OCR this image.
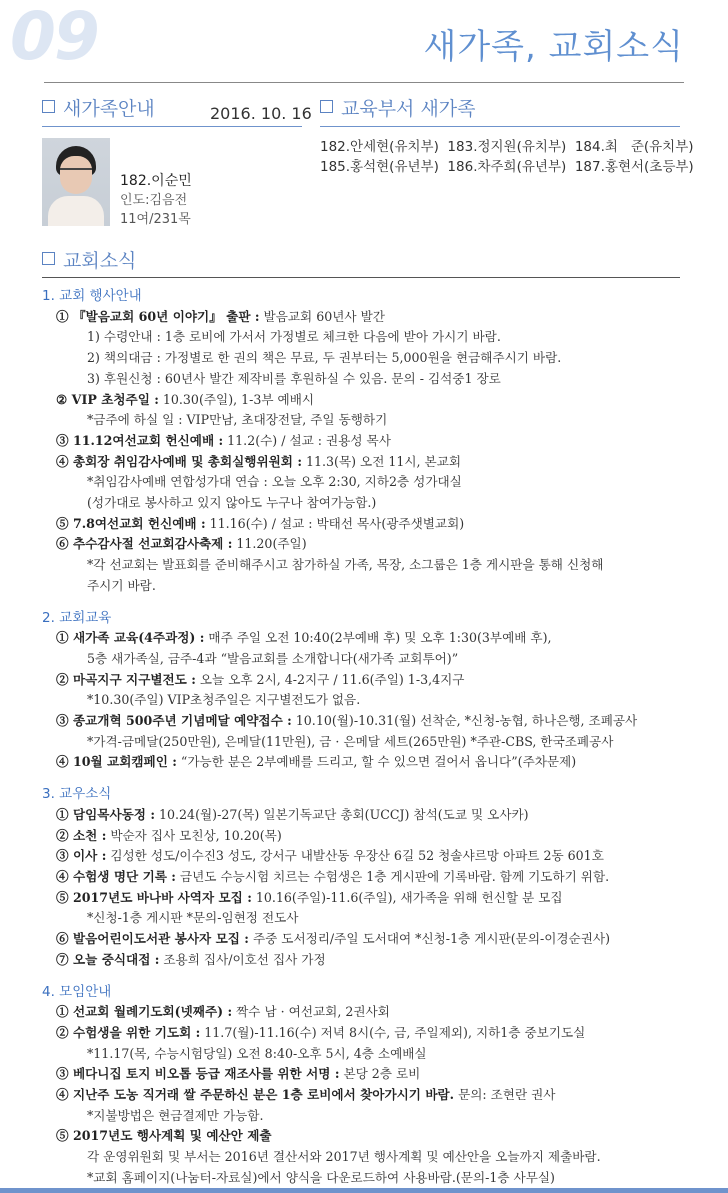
09	새가족, 교회소식
새가족안내	2016. 10. 16	교육부서 새가족
182.이순민
인도:김음전
11여/231목
182.안세현(유치부)  183.정지원(유치부)  184.최   준(유치부)
185.홍석현(유년부)  186.차주희(유년부)  187.홍현서(초등부)
교회소식
1. 교회 행사안내
① 『발음교회 60년 이야기』 출판 : 발음교회 60년사 발간
1) 수령안내 : 1층 로비에 가서서 가정별로 체크한 다음에 받아 가시기 바람.
2) 책의대금 : 가정별로 한 권의 책은 무료, 두 권부터는 5,000원을 현금해주시기 바람.
3) 후원신청 : 60년사 발간 제작비를 후원하실 수 있음. 문의 - 김석중1 장로
② VIP 초청주일 : 10.30(주일), 1-3부 예배시
*금주에 하실 일 : VIP만남, 초대장전달, 주일 동행하기
③ 11.12여선교회 헌신예배 : 11.2(수) / 설교 : 권용성 목사
④ 총회장 취임감사예배 및 총회실행위원회 : 11.3(목) 오전 11시, 본교회
*취임감사예배 연합성가대 연습 : 오늘 오후 2:30, 지하2층 성가대실
(성가대로 봉사하고 있지 않아도 누구나 참여가능함.)
⑤ 7.8여선교회 헌신예배 : 11.16(수) / 설교 : 박태선 목사(광주샛별교회)
⑥ 추수감사절 선교회감사축제 : 11.20(주일)
*각 선교회는 발표회를 준비해주시고 참가하실 가족, 목장, 소그룹은 1층 게시판을 통해 신청해
주시기 바람.
2. 교회교육
① 새가족 교육(4주과정) : 매주 주일 오전 10:40(2부예배 후) 및 오후 1:30(3부예배 후),
5층 새가족실, 금주-4과 “발음교회를 소개합니다(새가족 교회투어)”
② 마곡지구 지구별전도 : 오늘 오후 2시, 4-2지구 / 11.6(주일) 1-3,4지구
*10.30(주일) VIP초청주일은 지구별전도가 없음.
③ 종교개혁 500주년 기념메달 예약접수 : 10.10(월)-10.31(월) 선착순, *신청-농협, 하나은행, 조폐공사
*가격-금메달(250만원), 은메달(11만원), 금 · 은메달 세트(265만원) *주관-CBS, 한국조폐공사
④ 10월 교회캠페인 : “가능한 분은 2부예배를 드리고, 할 수 있으면 걸어서 옵니다”(주차문제)
3. 교우소식
① 담임목사동정 : 10.24(월)-27(목) 일본기독교단 총회(UCCJ) 참석(도쿄 및 오사카)
② 소천 : 박순자 집사 모친상, 10.20(목)
③ 이사 : 김성한 성도/이수진3 성도, 강서구 내발산동 우장산 6길 52 청솔샤르망 아파트 2동 601호
④ 수험생 명단 기록 : 금년도 수능시험 치르는 수험생은 1층 게시판에 기록바람. 함께 기도하기 위함.
⑤ 2017년도 바나바 사역자 모집 : 10.16(주일)-11.6(주일), 새가족을 위해 헌신할 분 모집
*신청-1층 게시판 *문의-임현정 전도사
⑥ 발음어린이도서관 봉사자 모집 : 주중 도서정리/주일 도서대여 *신청-1층 게시판(문의-이경순권사)
⑦ 오늘 중식대접 : 조용희 집사/이호선 집사 가정
4. 모임안내
① 선교회 월례기도회(넷째주) : 짝수 남 · 여선교회, 2권사회
② 수험생을 위한 기도회 : 11.7(월)-11.16(수) 저녁 8시(수, 금, 주일제외), 지하1층 중보기도실
*11.17(목, 수능시험당일) 오전 8:40-오후 5시, 4층 소예배실
③ 베다니집 토지 비오톱 등급 재조사를 위한 서명 : 본당 2층 로비
④ 지난주 도농 직거래 쌀 주문하신 분은 1층 로비에서 찾아가시기 바람. 문의: 조현란 권사
*지불방법은 현금결제만 가능함.
⑤ 2017년도 행사계획 및 예산안 제출
각 운영위원회 및 부서는 2016년 결산서와 2017년 행사계획 및 예산안을 오늘까지 제출바람.
*교회 홈페이지(나눔터-자료실)에서 양식을 다운로드하여 사용바람.(문의-1층 사무실)
